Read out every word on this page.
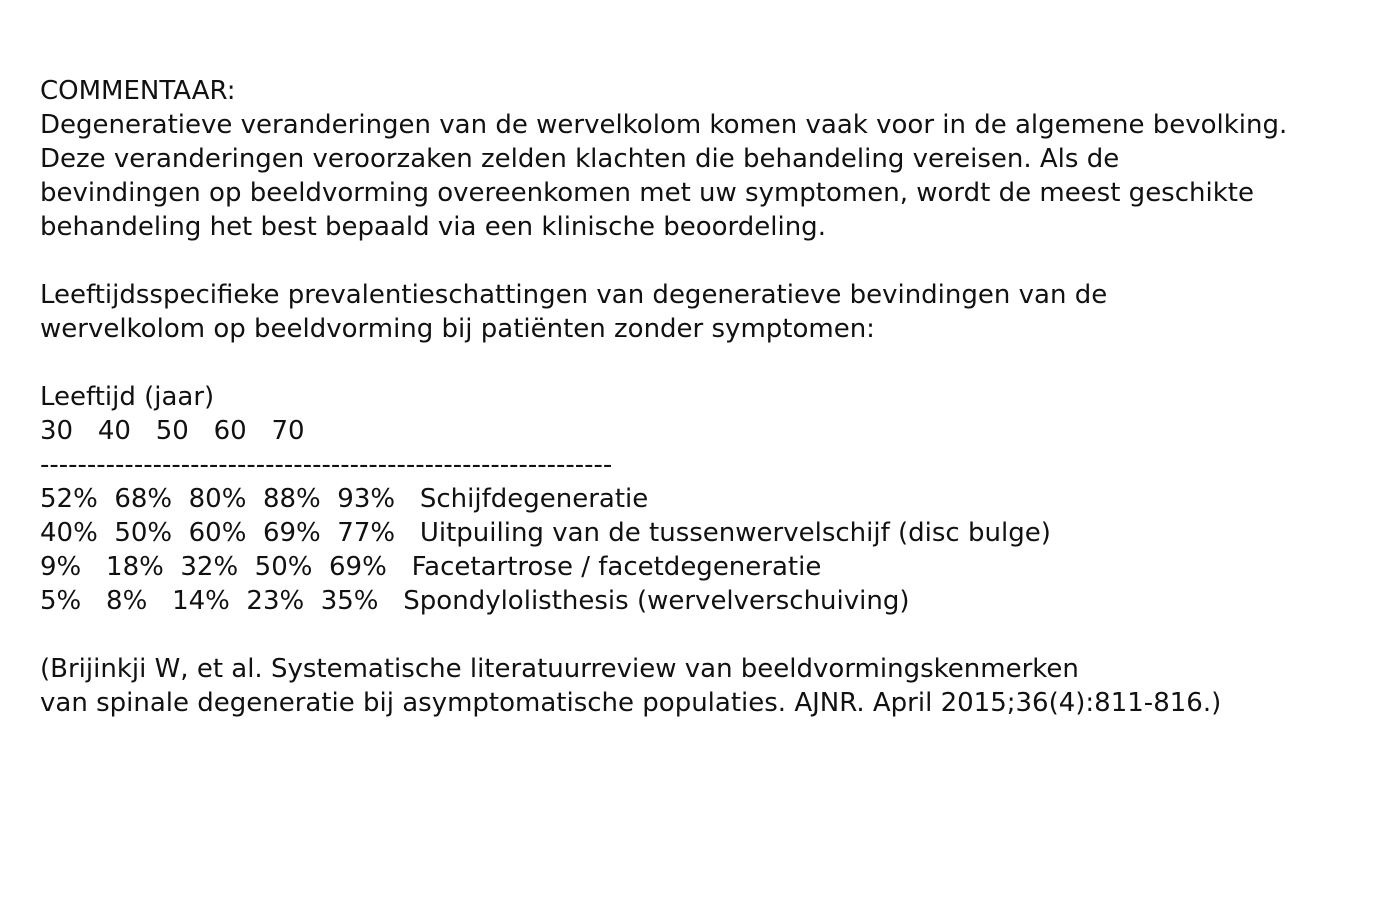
COMMENTAAR:
Degeneratieve veranderingen van de wervelkolom komen vaak voor in de algemene bevolking.
Deze veranderingen veroorzaken zelden klachten die behandeling vereisen. Als de
bevindingen op beeldvorming overeenkomen met uw symptomen, wordt de meest geschikte
behandeling het best bepaald via een klinische beoordeling.

Leeftijdsspecifieke prevalentieschattingen van degeneratieve bevindingen van de
wervelkolom op beeldvorming bij patiënten zonder symptomen:

Leeftijd (jaar)
30   40   50   60   70
-------------------------------------------------------------
52%  68%  80%  88%  93%   Schijfdegeneratie
40%  50%  60%  69%  77%   Uitpuiling van de tussenwervelschijf (disc bulge)
9%   18%  32%  50%  69%   Facetartrose / facetdegeneratie
5%   8%   14%  23%  35%   Spondylolisthesis (wervelverschuiving)

(Brijinkji W, et al. Systematische literatuurreview van beeldvormingskenmerken
van spinale degeneratie bij asymptomatische populaties. AJNR. April 2015;36(4):811-816.)
